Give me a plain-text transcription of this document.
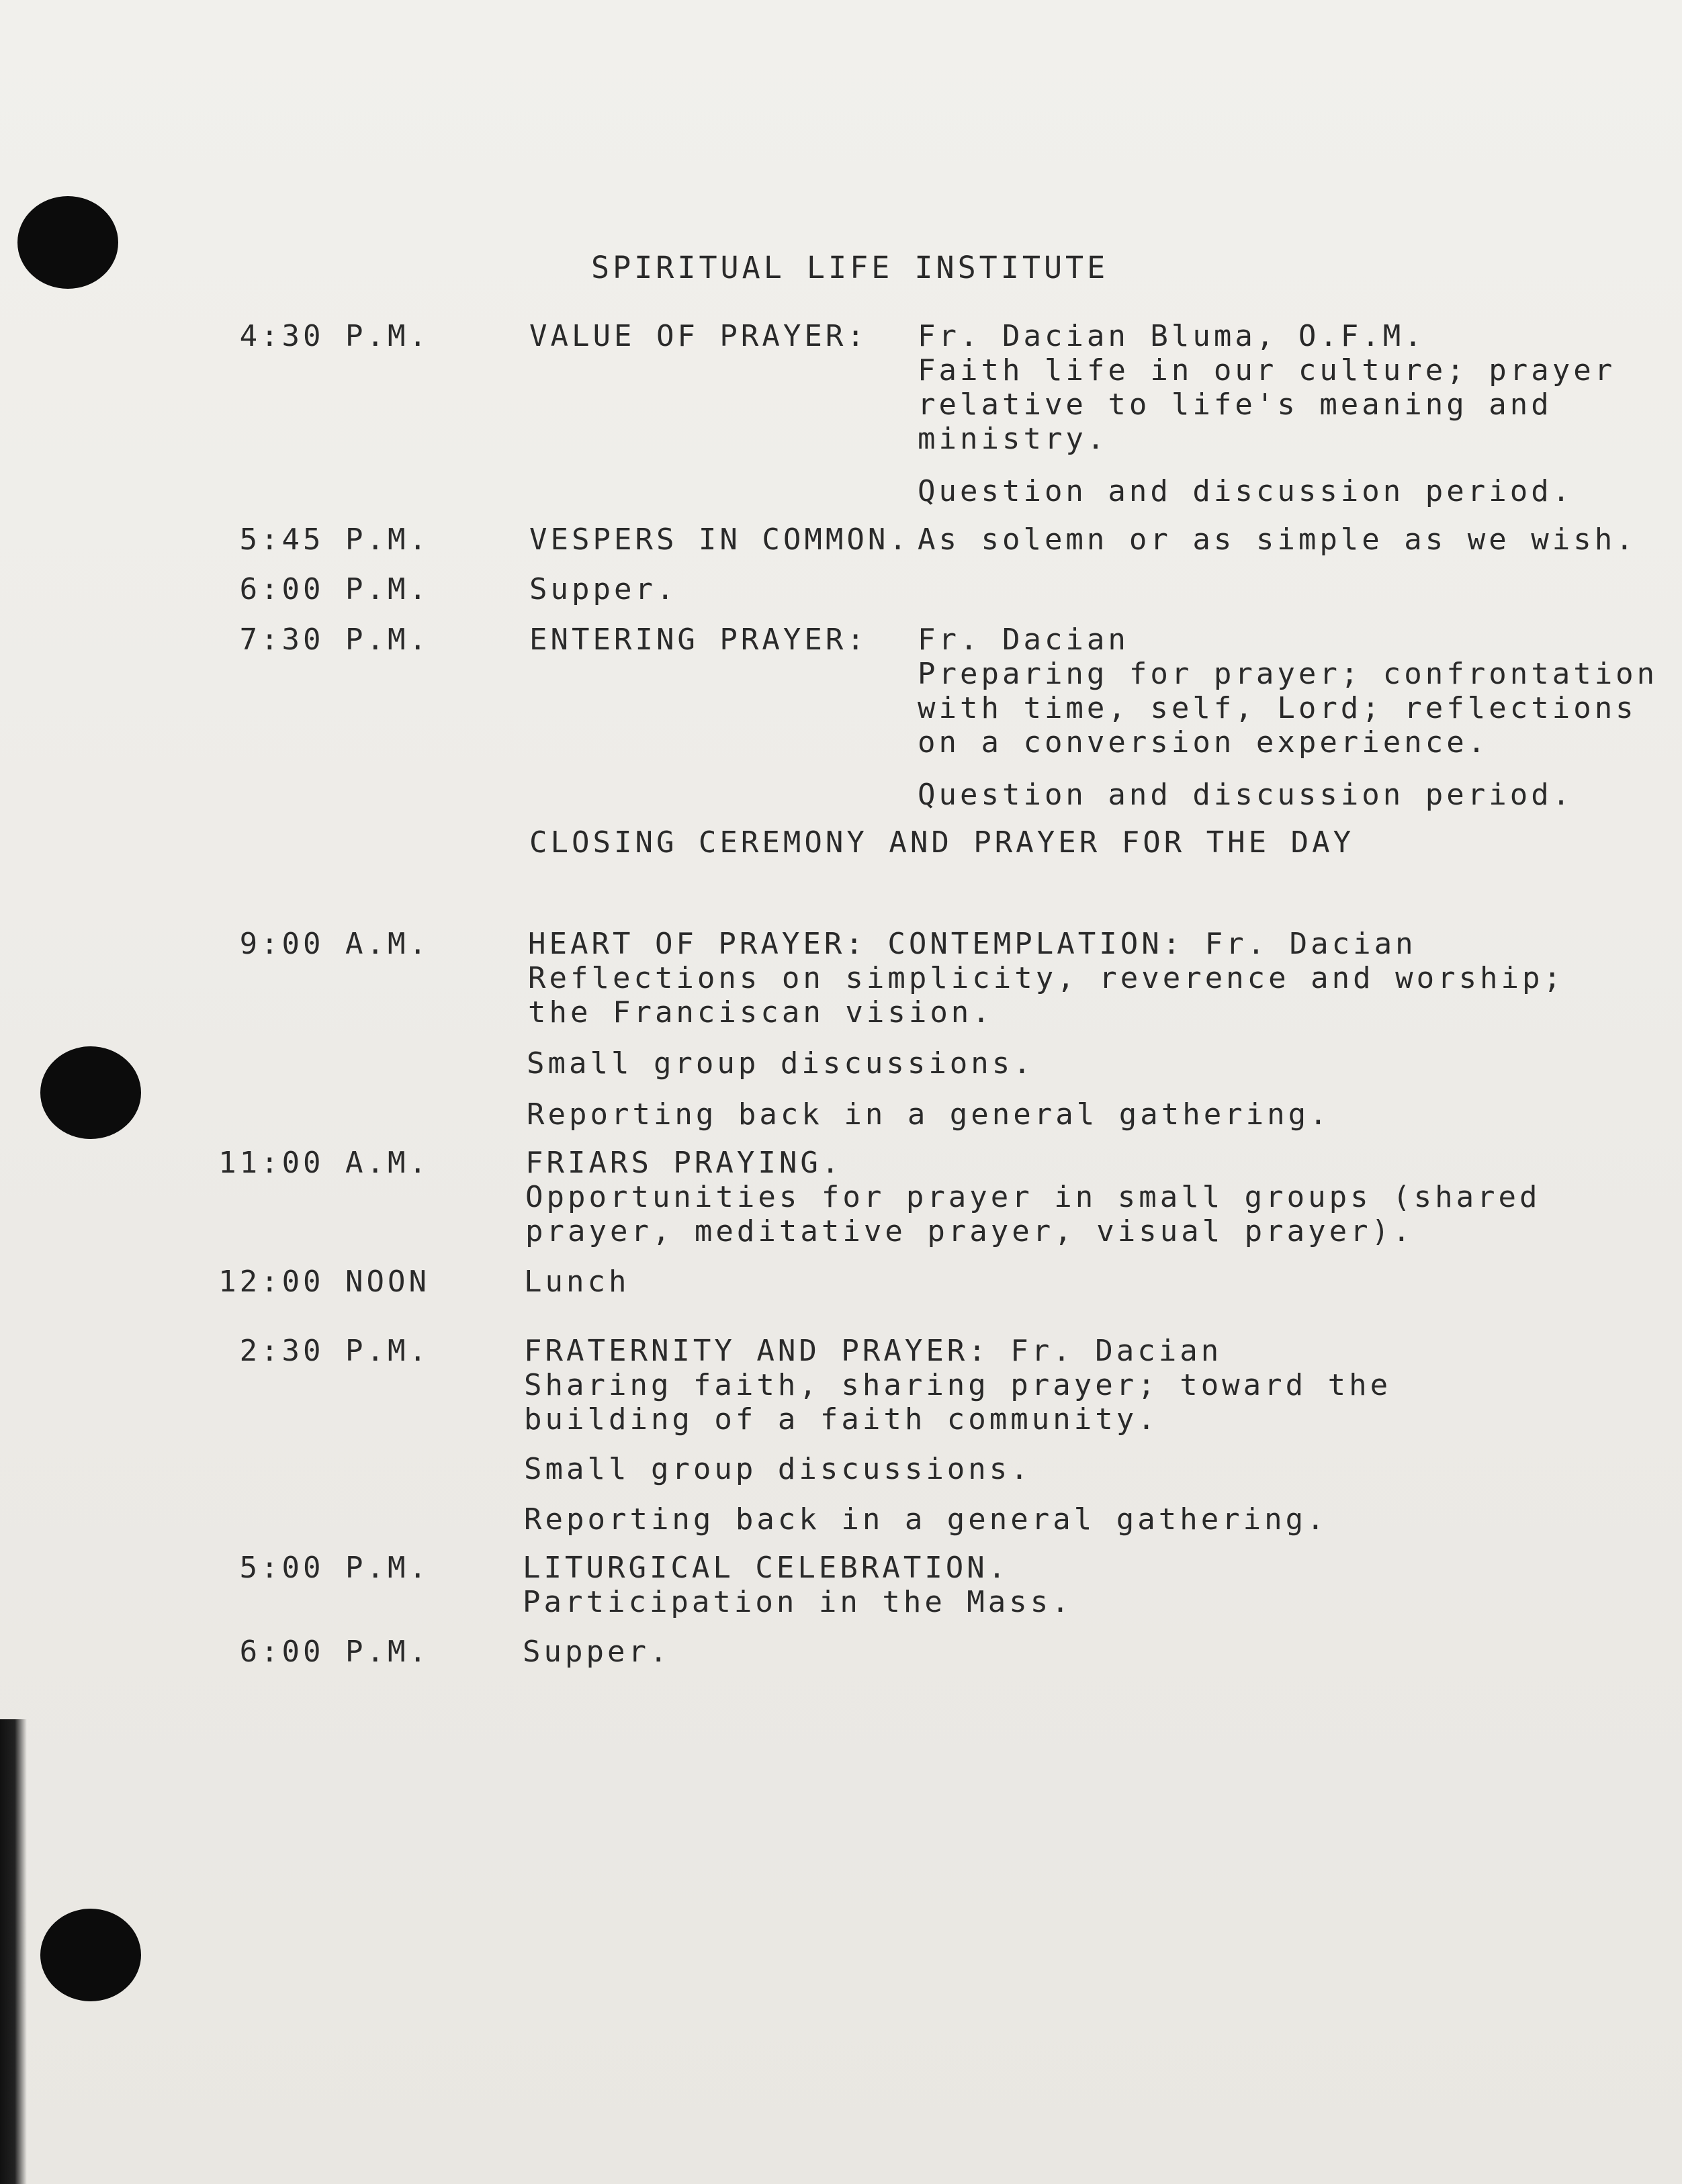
SPIRITUAL LIFE INSTITUTE
4:30 P.M.	VALUE OF PRAYER: Fr. Dacian Bluma, O.F.M.
Faith life in our culture; prayer
relative to life's meaning and
ministry.
Question and discussion period.
5:45 P.M.	VESPERS IN COMMON. As solemn or as simple as we wish.
6:00 P.M.	Supper.
7:30 P.M.	ENTERING PRAYER: Fr. Dacian
Preparing for prayer; confrontation
with time, self, Lord; reflections
on a conversion experience.
Question and discussion period.
CLOSING CEREMONY AND PRAYER FOR THE DAY
9:00 A.M.	HEART OF PRAYER: CONTEMPLATION: Fr. Dacian
Reflections on simplicity, reverence and worship;
the Franciscan vision.
Small group discussions.
Reporting back in a general gathering.
11:00 A.M.	FRIARS PRAYING.
Opportunities for prayer in small groups (shared
prayer, meditative prayer, visual prayer).
12:00 NOON	Lunch
2:30 P.M.	FRATERNITY AND PRAYER: Fr. Dacian
Sharing faith, sharing prayer; toward the
building of a faith community.
Small group discussions.
Reporting back in a general gathering.
5:00 P.M.	LITURGICAL CELEBRATION.
Participation in the Mass.
6:00 P.M.	Supper.
